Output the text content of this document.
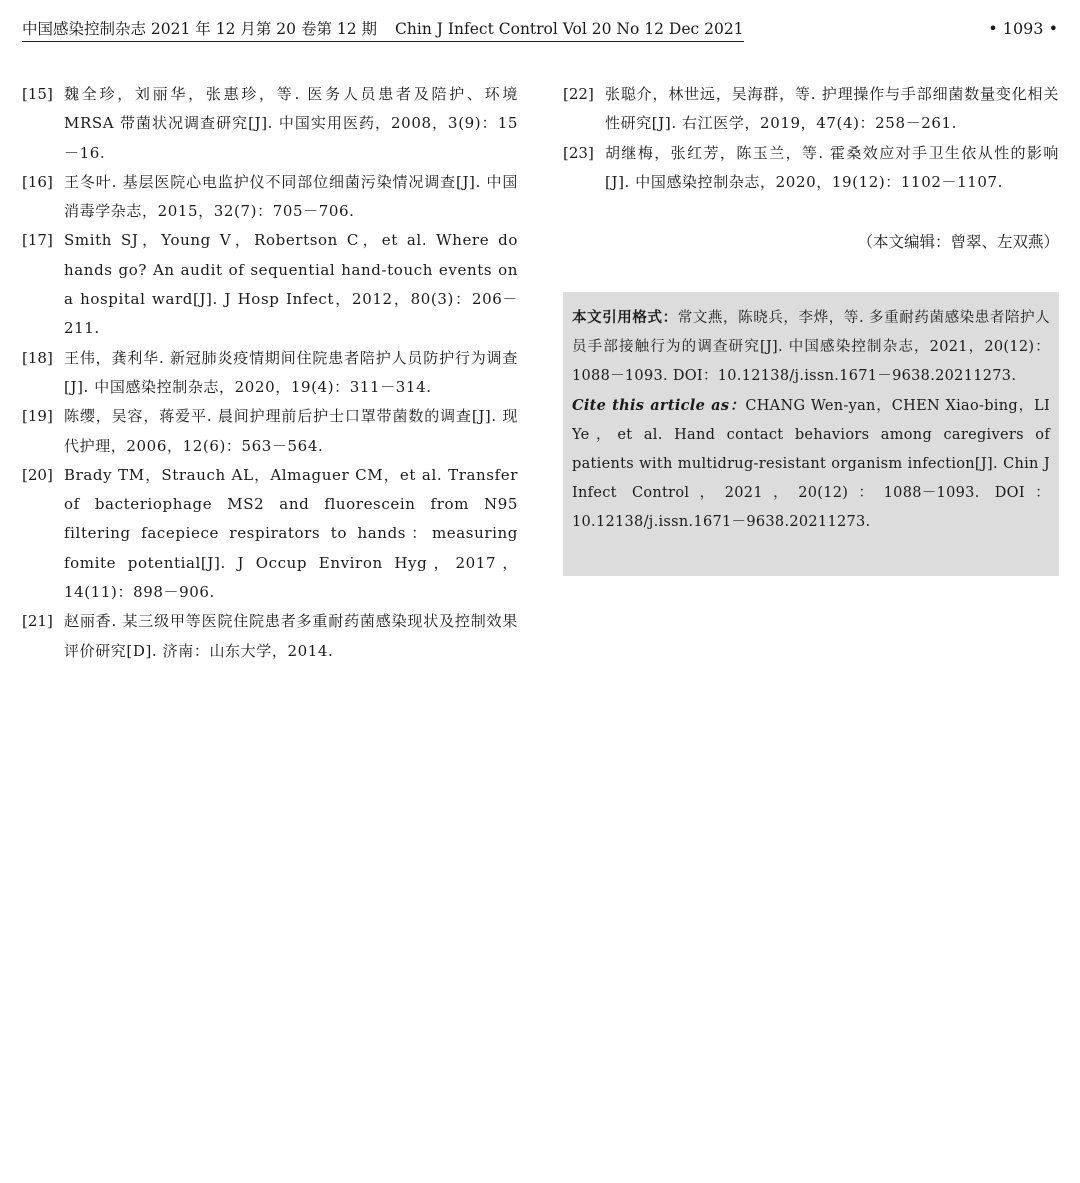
中国感染控制杂志 2021 年 12 月第 20 卷第 12 期 Chin J Infect Control Vol 20 No 12 Dec 2021	• 1093 •

[15] 魏全珍，刘丽华，张惠珍，等. 医务人员患者及陪护、环境 MRSA 带菌状况调查研究[J]. 中国实用医药，2008，3(9)：15－16.

[16] 王冬叶. 基层医院心电监护仪不同部位细菌污染情况调查[J]. 中国消毒学杂志，2015，32(7)：705－706.

[17] Smith SJ，Young V，Robertson C，et al. Where do hands go? An audit of sequential hand-touch events on a hospital ward[J]. J Hosp Infect，2012，80(3)：206－211.

[18] 王伟，龚利华. 新冠肺炎疫情期间住院患者陪护人员防护行为调查[J]. 中国感染控制杂志，2020，19(4)：311－314.

[19] 陈缨，吴容，蒋爱平. 晨间护理前后护士口罩带菌数的调查[J]. 现代护理，2006，12(6)：563－564.

[20] Brady TM，Strauch AL，Almaguer CM，et al. Transfer of bacteriophage MS2 and fluorescein from N95 filtering facepiece respirators to hands：measuring fomite potential[J]. J Occup Environ Hyg，2017，14(11)：898－906.

[21] 赵丽香. 某三级甲等医院住院患者多重耐药菌感染现状及控制效果评价研究[D]. 济南：山东大学，2014.

[22] 张聪介，林世远，吴海群，等. 护理操作与手部细菌数量变化相关性研究[J]. 右江医学，2019，47(4)：258－261.

[23] 胡继梅，张红芳，陈玉兰，等. 霍桑效应对手卫生依从性的影响[J]. 中国感染控制杂志，2020，19(12)：1102－1107.

（本文编辑：曾翠、左双燕）

本文引用格式：常文燕，陈晓兵，李烨，等. 多重耐药菌感染患者陪护人员手部接触行为的调查研究[J]. 中国感染控制杂志，2021，20(12)：1088－1093. DOI：10.12138/j.issn.1671－9638.20211273.

Cite this article as：CHANG Wen-yan，CHEN Xiao-bing，LI Ye，et al. Hand contact behaviors among caregivers of patients with multidrug-resistant organism infection[J]. Chin J Infect Control，2021，20(12)：1088－1093. DOI：10.12138/j.issn.1671－9638.20211273.
